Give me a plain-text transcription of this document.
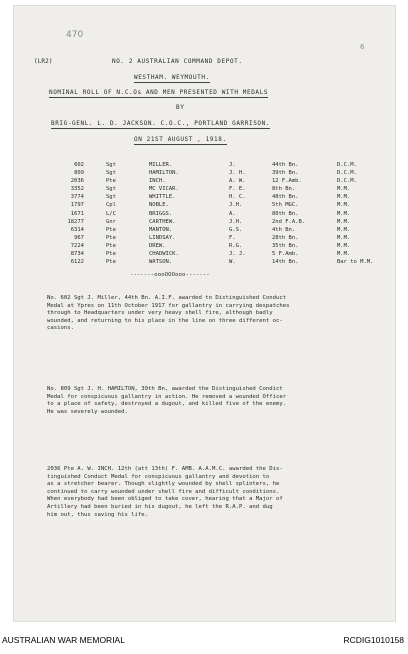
470
6
(LR2)	NO. 2 AUSTRALIAN COMMAND DEPOT.
WESTHAM. WEYMOUTH.
NOMINAL ROLL OF N.C.Os AND MEN PRESENTED WITH MEDALS
BY
BRIG-GENL. L. D. JACKSON. C.O.C., PORTLAND GARRISON.
ON 21ST AUGUST , 1918.
602	Sgt	MILLER.	J.	44th Bn.	D.C.M.
809	Sgt	HAMILTON.	J. H.	39th Bn.	D.C.M.
2036	Pte	INCH.	A. W.	12 F.Amb.	D.C.M.
3352	Sgt	MC VICAR.	F. E.	8th Bn.	M.M.
3774	Sgt	WHITTLE.	H. C.	48th Bn.	M.M.
1797	Cpl	NOBLE.	J.H.	5th MGC.	M.M.
1671	L/C	BRIGGS.	A.	80th Bn.	M.M.
18277	Gnr	CARTHEW.	J.H.	2nd F.A.B.	M.M.
6314	Pte	MANTON.	G.S.	4th Bn.	M.M.
967	Pte	LINDSAY.	F.	28th Bn.	M.M.
7224	Pte	DREW.	R.G.	35th Bn.	M.M.
8734	Pte	CHADWICK.	J. J.	5 F.Amb.	M.M.
6122	Pte	WATSON.	W.	14th Bn.	Bar to M.M.
-------oooOOOooo-------
No. 602 Sgt J. Miller, 44th Bn. A.I.F. awarded to Distinguished Conduct
Medal at Ypres on 11th October 1917 for gallantry in carrying despatches
through to Headquarters under very heavy shell fire, although badly
wounded, and returning to his place in the line on three different oc-
casions.
No. 809 Sgt J. H. HAMILTON, 39th Bn, awarded the Distinguished Condict
Medal for conspicuous gallantry in action. He removed a wounded Officer
to a place of safety, destroyed a dugout, and killed five of the enemy.
He was severely wounded.
2036 Pte A. W. INCH. 12th (att 13th) F. AMB. A.A.M.C. awarded the Dis-
tinguished Conduct Medal for conspicuous gallantry and devotion to
as a stretcher bearer. Though slightly wounded by shell splinters, he
continued to carry wounded under shell fire and difficult conditions.
When everybody had been obliged to take cover, hearing that a Major of
Artillery had been buried in his dugout, he left the R.A.P. and dug
him out, thus saving his life.
AUSTRALIAN WAR MEMORIAL	RCDIG1010158
